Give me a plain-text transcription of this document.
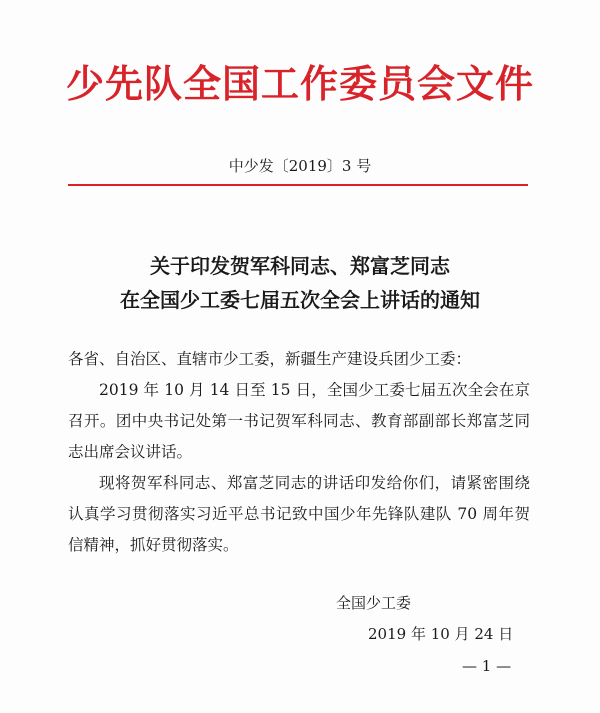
少先队全国工作委员会文件
中少发〔2019〕3 号
关于印发贺军科同志、郑富芝同志
在全国少工委七届五次全会上讲话的通知

各省、自治区、直辖市少工委，新疆生产建设兵团少工委：

2019 年 10 月 14 日至 15 日，全国少工委七届五次全会在京召开。团中央书记处第一书记贺军科同志、教育部副部长郑富芝同志出席会议讲话。

现将贺军科同志、郑富芝同志的讲话印发给你们，请紧密围绕认真学习贯彻落实习近平总书记致中国少年先锋队建队 70 周年贺信精神，抓好贯彻落实。

全国少工委
2019 年 10 月 24 日
— 1 —
